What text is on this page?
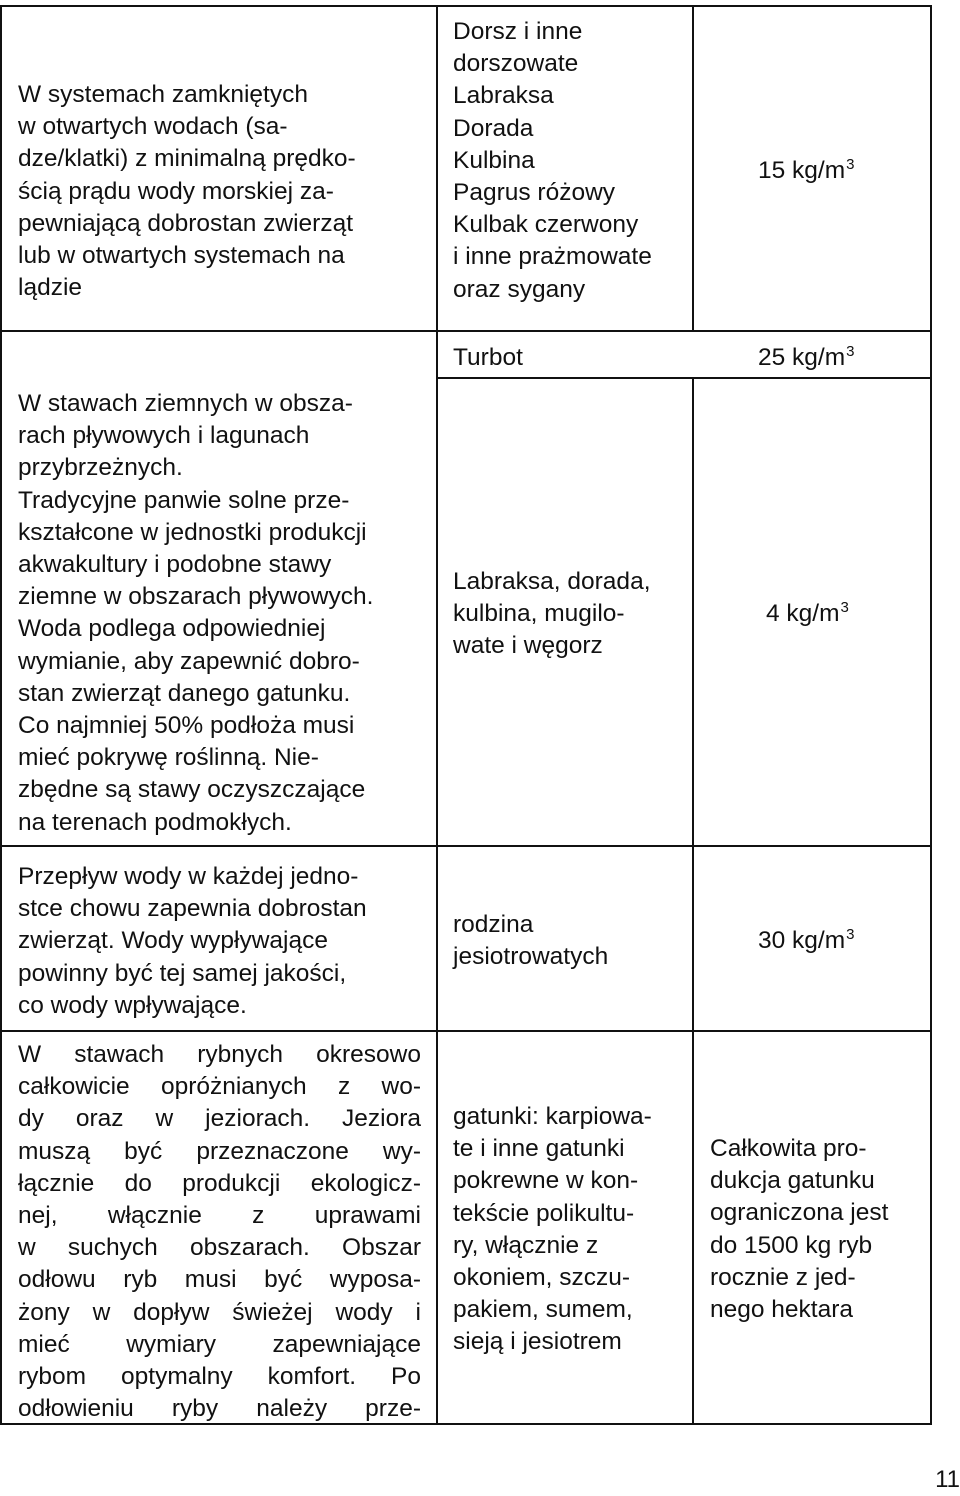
W systemach zamkniętych
w otwartych wodach (sa-
dze/klatki) z minimalną prędko-
ścią prądu wody morskiej za-
pewniającą dobrostan zwierząt
lub w otwartych systemach na
lądzie
Dorsz i inne
dorszowate
Labraksa
Dorada
Kulbina
Pagrus różowy
Kulbak czerwony
i inne prażmowate
oraz sygany
15 $kg/m^3$
Turbot	25 $kg/m^3$
W stawach ziemnych w obsza-
rach pływowych i lagunach
przybrzeżnych.
Tradycyjne panwie solne prze-
kształcone w jednostki produkcji
akwakultury i podobne stawy
ziemne w obszarach pływowych.
Woda podlega odpowiedniej
wymianie, aby zapewnić dobro-
stan zwierząt danego gatunku.
Co najmniej 50% podłoża musi
mieć pokrywę roślinną. Nie-
zbędne są stawy oczyszczające
na terenach podmokłych.
Labraksa, dorada,
kulbina, mugilo-
wate i węgorz
4 $kg/m^3$
Przepływ wody w każdej jedno-
stce chowu zapewnia dobrostan
zwierząt. Wody wypływające
powinny być tej samej jakości,
co wody wpływające.
rodzina
jesiotrowatych
30 $kg/m^3$
W stawach rybnych okresowo
całkowicie opróżnianych z wo-
dy oraz w jeziorach. Jeziora
muszą być przeznaczone wy-
łącznie do produkcji ekologicz-
nej, włącznie z uprawami
w suchych obszarach. Obszar
odłowu ryb musi być wyposa-
żony w dopływ świeżej wody i
mieć wymiary zapewniające
rybom optymalny komfort. Po
odłowieniu ryby należy prze-
gatunki: karpiowa-
te i inne gatunki
pokrewne w kon-
tekście polikultu-
ry, włącznie z
okoniem, szczu-
pakiem, sumem,
sieją i jesiotrem
Całkowita pro-
dukcja gatunku
ograniczona jest
do 1500 kg ryb
rocznie z jed-
nego hektara
11
